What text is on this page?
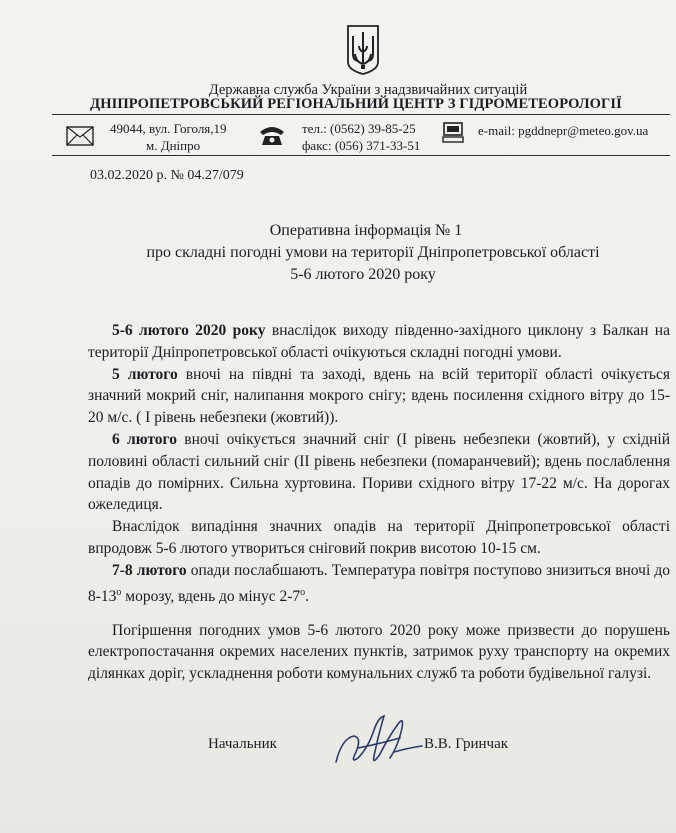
Державна служба України з надзвичайних ситуацій
ДНІПРОПЕТРОВСЬКИЙ РЕГІОНАЛЬНИЙ ЦЕНТР З ГІДРОМЕТЕОРОЛОГІЇ
49044, вул. Гоголя,19
м. Дніпро
тел.: (0562) 39-85-25
факс: (056) 371-33-51
e-mail: pgddnepr@meteo.gov.ua
03.02.2020 р. № 04.27/079
Оперативна інформація № 1
про складні погодні умови на території Дніпропетровської області
5-6 лютого 2020 року

5-6 лютого 2020 року внаслідок виходу південно-західного циклону з Балкан на території Дніпропетровської області очікуються складні погодні умови.

5 лютого вночі на півдні та заході, вдень на всій території області очікується значний мокрий сніг, налипання мокрого снігу; вдень посилення східного вітру до 15-20 м/с. ( І рівень небезпеки (жовтий)).

6 лютого вночі очікується значний сніг (І рівень небезпеки (жовтий), у східній половині області сильний сніг (ІІ рівень небезпеки (помаранчевий); вдень послаблення опадів до помірних. Сильна хуртовина. Пориви східного вітру 17-22 м/с. На дорогах ожеледиця.

Внаслідок випадіння значних опадів на території Дніпропетровської області впродовж 5-6 лютого утвориться сніговий покрив висотою 10-15 см.

7-8 лютого опади послабшають. Температура повітря поступово знизиться вночі до $8-13^о$ морозу, вдень до мінус $2-7^о$.

Погіршення погодних умов 5-6 лютого 2020 року може призвести до порушень електропостачання окремих населених пунктів, затримок руху транспорту на окремих ділянках доріг, ускладнення роботи комунальних служб та роботи будівельної галузі.

Начальник	В.В. Гринчак
